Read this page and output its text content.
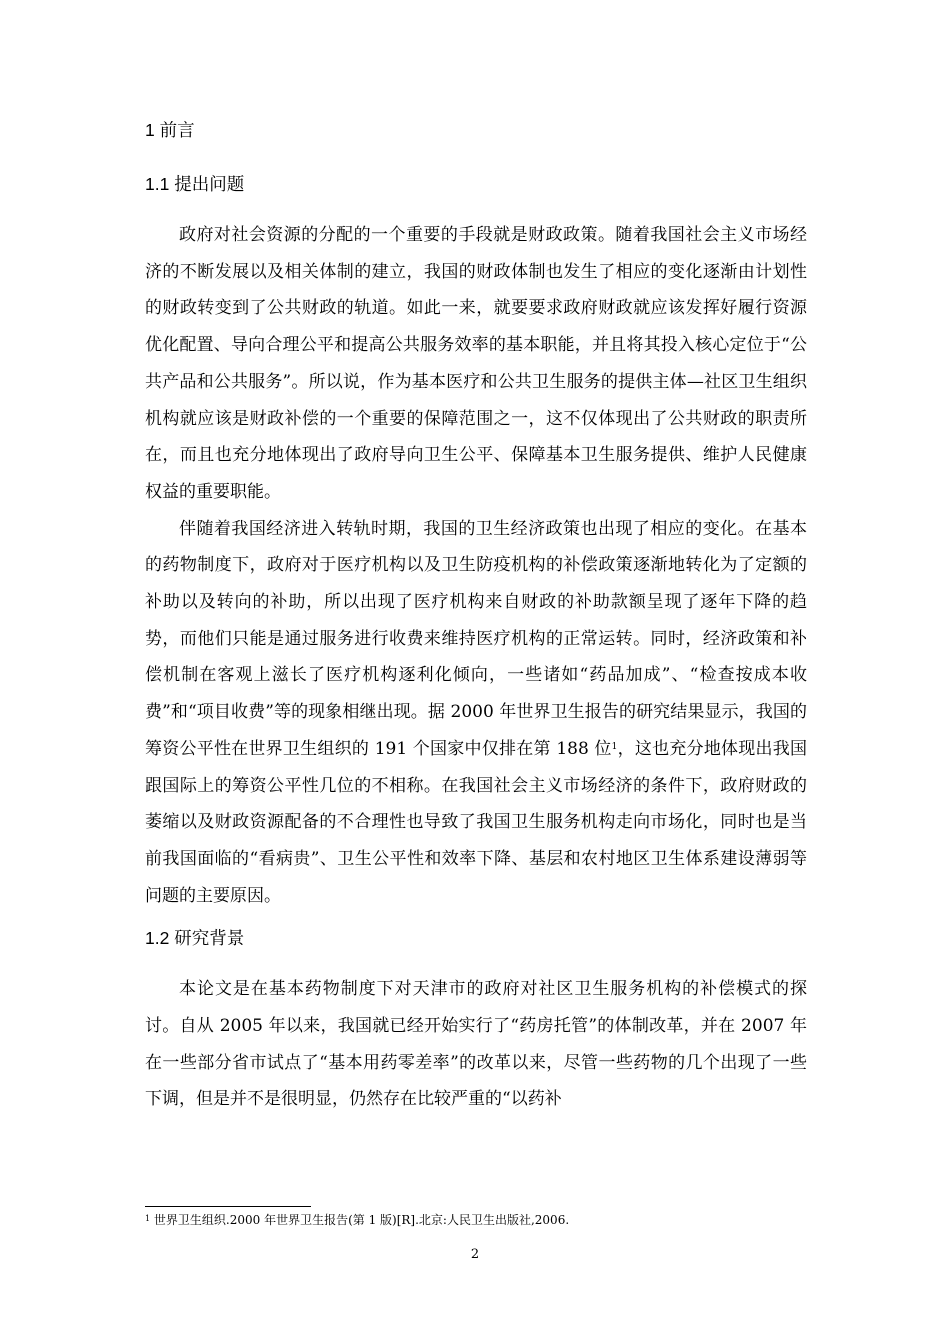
1 前言
1.1 提出问题

政府对社会资源的分配的一个重要的手段就是财政政策。随着我国社会主义市场经济的不断发展以及相关体制的建立，我国的财政体制也发生了相应的变化逐渐由计划性的财政转变到了公共财政的轨道。如此一来，就要要求政府财政就应该发挥好履行资源优化配置、导向合理公平和提高公共服务效率的基本职能，并且将其投入核心定位于“公共产品和公共服务”。所以说，作为基本医疗和公共卫生服务的提供主体—社区卫生组织机构就应该是财政补偿的一个重要的保障范围之一，这不仅体现出了公共财政的职责所在，而且也充分地体现出了政府导向卫生公平、保障基本卫生服务提供、维护人民健康权益的重要职能。

伴随着我国经济进入转轨时期，我国的卫生经济政策也出现了相应的变化。在基本的药物制度下，政府对于医疗机构以及卫生防疫机构的补偿政策逐渐地转化为了定额的补助以及转向的补助，所以出现了医疗机构来自财政的补助款额呈现了逐年下降的趋势，而他们只能是通过服务进行收费来维持医疗机构的正常运转。同时，经济政策和补偿机制在客观上滋长了医疗机构逐利化倾向，一些诸如“药品加成”、“检查按成本收费”和“项目收费”等的现象相继出现。据 2000 年世界卫生报告的研究结果显示，我国的筹资公平性在世界卫生组织的 191 个国家中仅排在第 188 位$^1$，这也充分地体现出我国跟国际上的筹资公平性几位的不相称。在我国社会主义市场经济的条件下，政府财政的萎缩以及财政资源配备的不合理性也导致了我国卫生服务机构走向市场化，同时也是当前我国面临的“看病贵”、卫生公平性和效率下降、基层和农村地区卫生体系建设薄弱等问题的主要原因。

1.2 研究背景

本论文是在基本药物制度下对天津市的政府对社区卫生服务机构的补偿模式的探讨。自从 2005 年以来，我国就已经开始实行了“药房托管”的体制改革，并在 2007 年在一些部分省市试点了“基本用药零差率”的改革以来，尽管一些药物的几个出现了一些下调，但是并不是很明显，仍然存在比较严重的“以药补

$^1$ 世界卫生组织.2000 年世界卫生报告(第 1 版)[R].北京:人民卫生出版社,2006.
2
